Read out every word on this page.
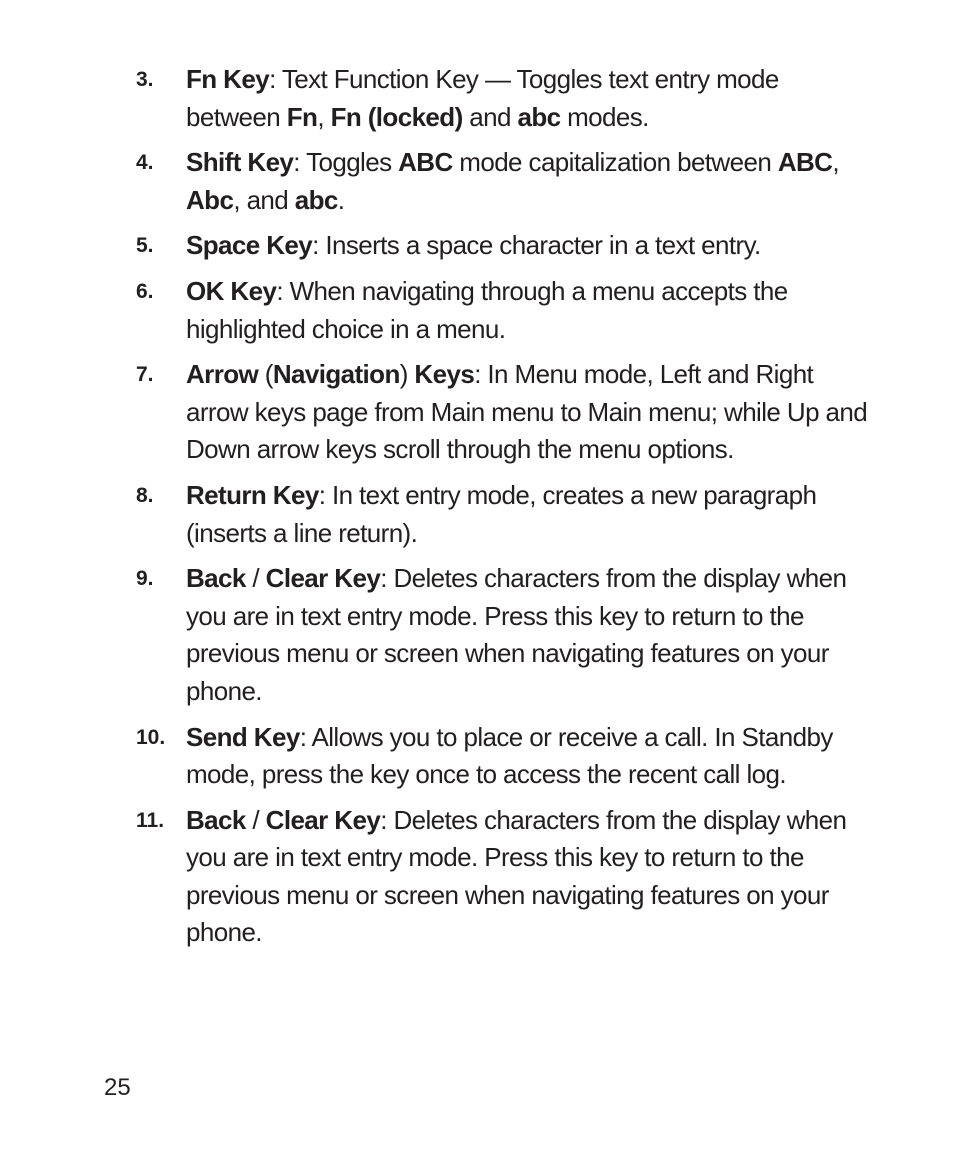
3. Fn Key: Text Function Key — Toggles text entry mode between Fn, Fn (locked) and abc modes.
4. Shift Key: Toggles ABC mode capitalization between ABC, Abc, and abc.
5. Space Key: Inserts a space character in a text entry.
6. OK Key: When navigating through a menu accepts the highlighted choice in a menu.
7. Arrow (Navigation) Keys: In Menu mode, Left and Right arrow keys page from Main menu to Main menu; while Up and Down arrow keys scroll through the menu options.
8. Return Key: In text entry mode, creates a new paragraph (inserts a line return).
9. Back / Clear Key: Deletes characters from the display when you are in text entry mode. Press this key to return to the previous menu or screen when navigating features on your phone.
10. Send Key: Allows you to place or receive a call. In Standby mode, press the key once to access the recent call log.
11. Back / Clear Key: Deletes characters from the display when you are in text entry mode. Press this key to return to the previous menu or screen when navigating features on your phone.
25
